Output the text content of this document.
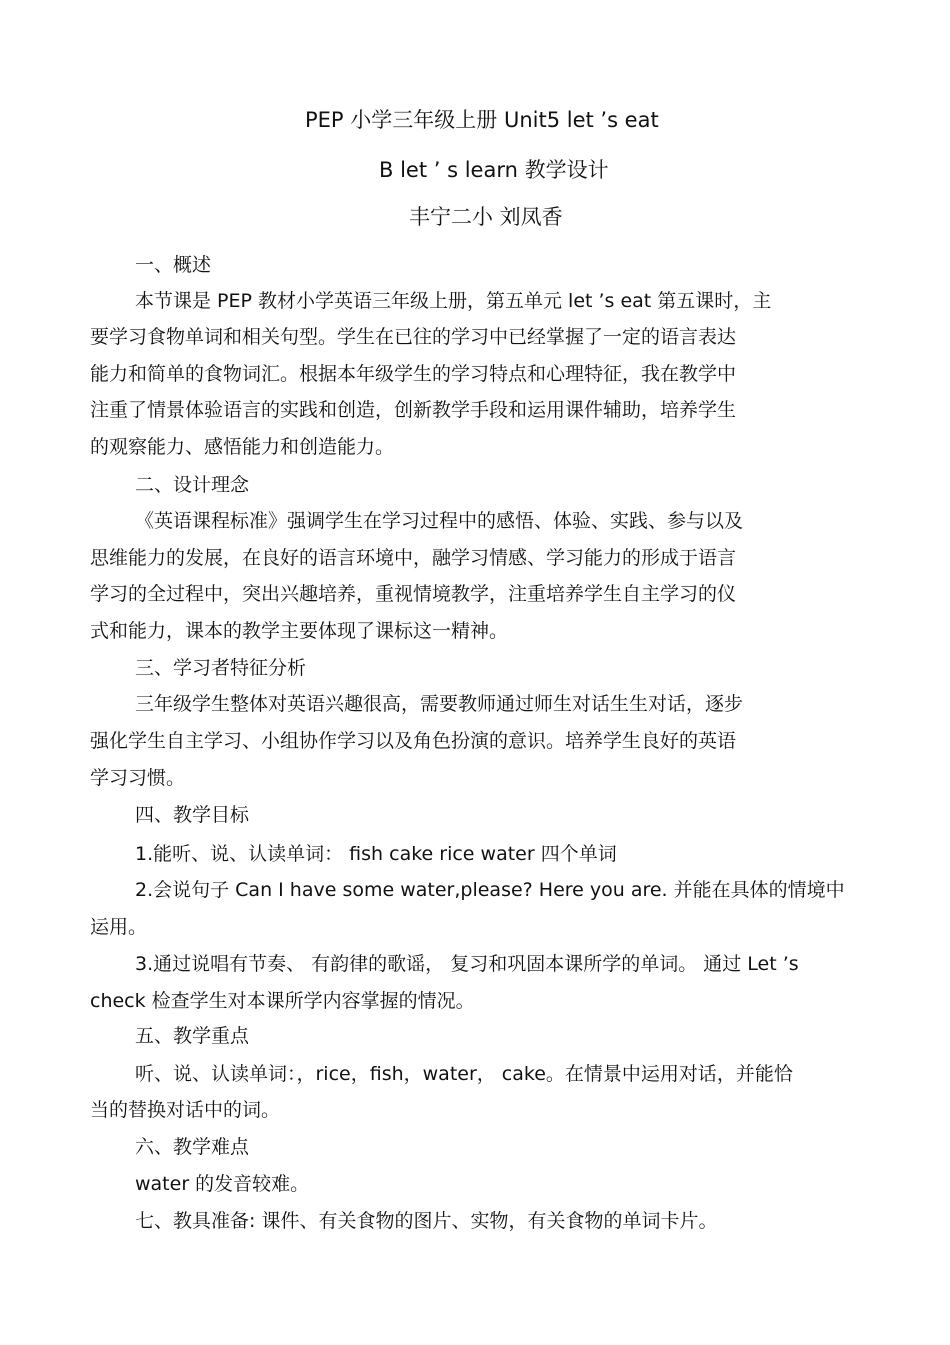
PEP 小学三年级上册 Unit5 let ’s eat
B let ’ s learn 教学设计
丰宁二小 刘凤香
一、概述
本节课是 PEP 教材小学英语三年级上册，第五单元 let ’s eat 第五课时，主
要学习食物单词和相关句型。学生在已往的学习中已经掌握了一定的语言表达
能力和简单的食物词汇。根据本年级学生的学习特点和心理特征，我在教学中
注重了情景体验语言的实践和创造，创新教学手段和运用课件辅助，培养学生
的观察能力、感悟能力和创造能力。
二、设计理念
《英语课程标准》强调学生在学习过程中的感悟、体验、实践、参与以及
思维能力的发展，在良好的语言环境中，融学习情感、学习能力的形成于语言
学习的全过程中，突出兴趣培养，重视情境教学，注重培养学生自主学习的仪
式和能力，课本的教学主要体现了课标这一精神。
三、学习者特征分析
三年级学生整体对英语兴趣很高，需要教师通过师生对话生生对话，逐步
强化学生自主学习、小组协作学习以及角色扮演的意识。培养学生良好的英语
学习习惯。
四、教学目标
1.能听、说、认读单词： fish cake rice water 四个单词
2.会说句子 Can I have some water,please? Here you are. 并能在具体的情境中
运用。
3.通过说唱有节奏、 有韵律的歌谣， 复习和巩固本课所学的单词。 通过 Let ’s
check 检查学生对本课所学内容掌握的情况。
五、教学重点
听、说、认读单词：，rice，fish，water， cake。在情景中运用对话，并能恰
当的替换对话中的词。
六、教学难点
water 的发音较难。
七、教具准备: 课件、有关食物的图片、实物，有关食物的单词卡片。
